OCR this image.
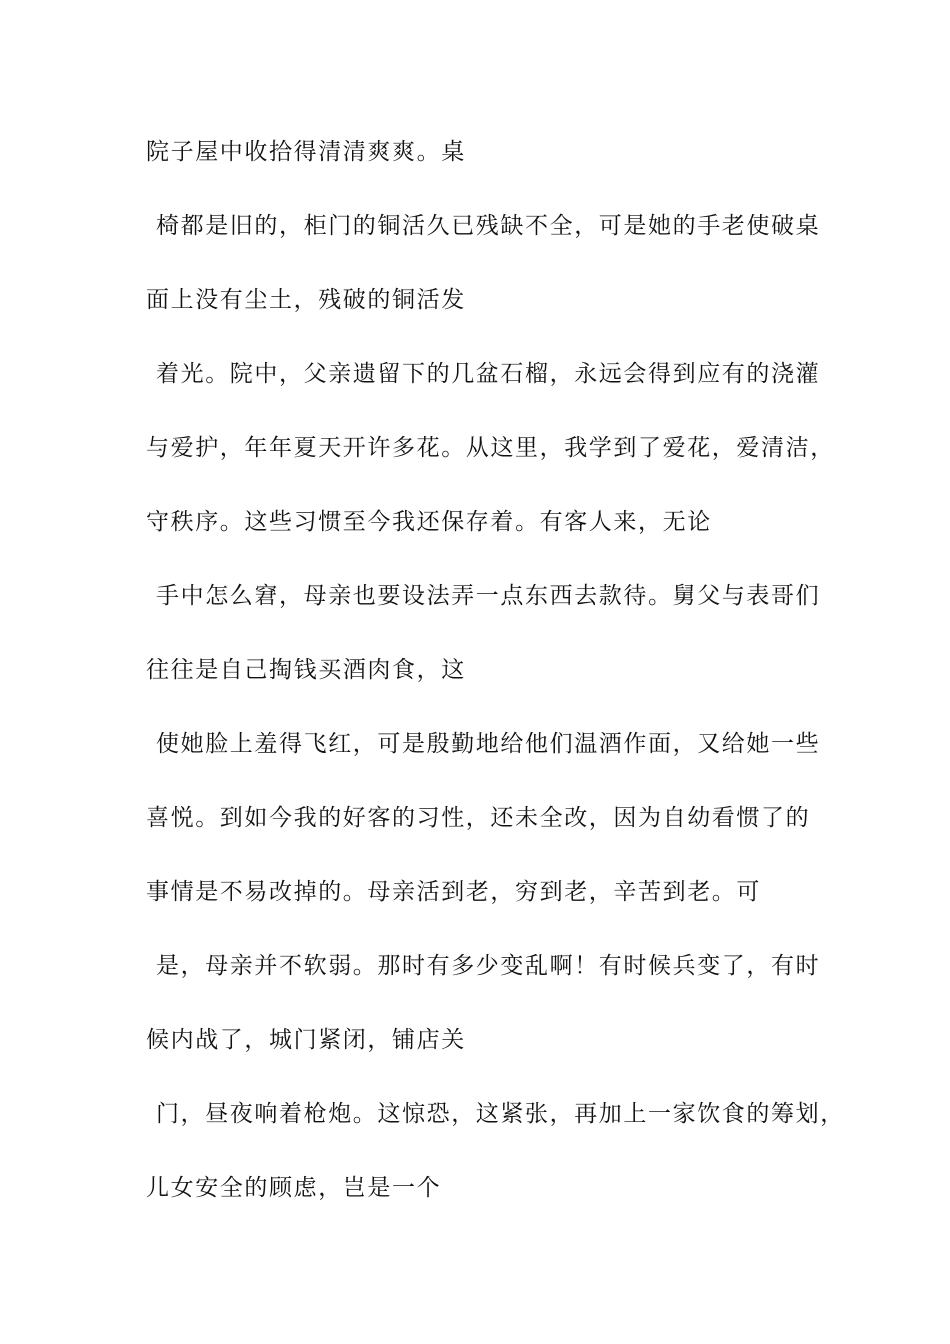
院子屋中收拾得清清爽爽。桌
椅都是旧的，柜门的铜活久已残缺不全，可是她的手老使破桌
面上没有尘土，残破的铜活发
着光。院中，父亲遗留下的几盆石榴，永远会得到应有的浇灌
与爱护，年年夏天开许多花。从这里，我学到了爱花，爱清洁，
守秩序。这些习惯至今我还保存着。有客人来，无论
手中怎么窘，母亲也要设法弄一点东西去款待。舅父与表哥们
往往是自己掏钱买酒肉食，这
使她脸上羞得飞红，可是殷勤地给他们温酒作面，又给她一些
喜悦。到如今我的好客的习性，还未全改，因为自幼看惯了的
事情是不易改掉的。母亲活到老，穷到老，辛苦到老。可
是，母亲并不软弱。那时有多少变乱啊！有时候兵变了，有时
候内战了，城门紧闭，铺店关
门，昼夜响着枪炮。这惊恐，这紧张，再加上一家饮食的筹划，
儿女安全的顾虑，岂是一个
